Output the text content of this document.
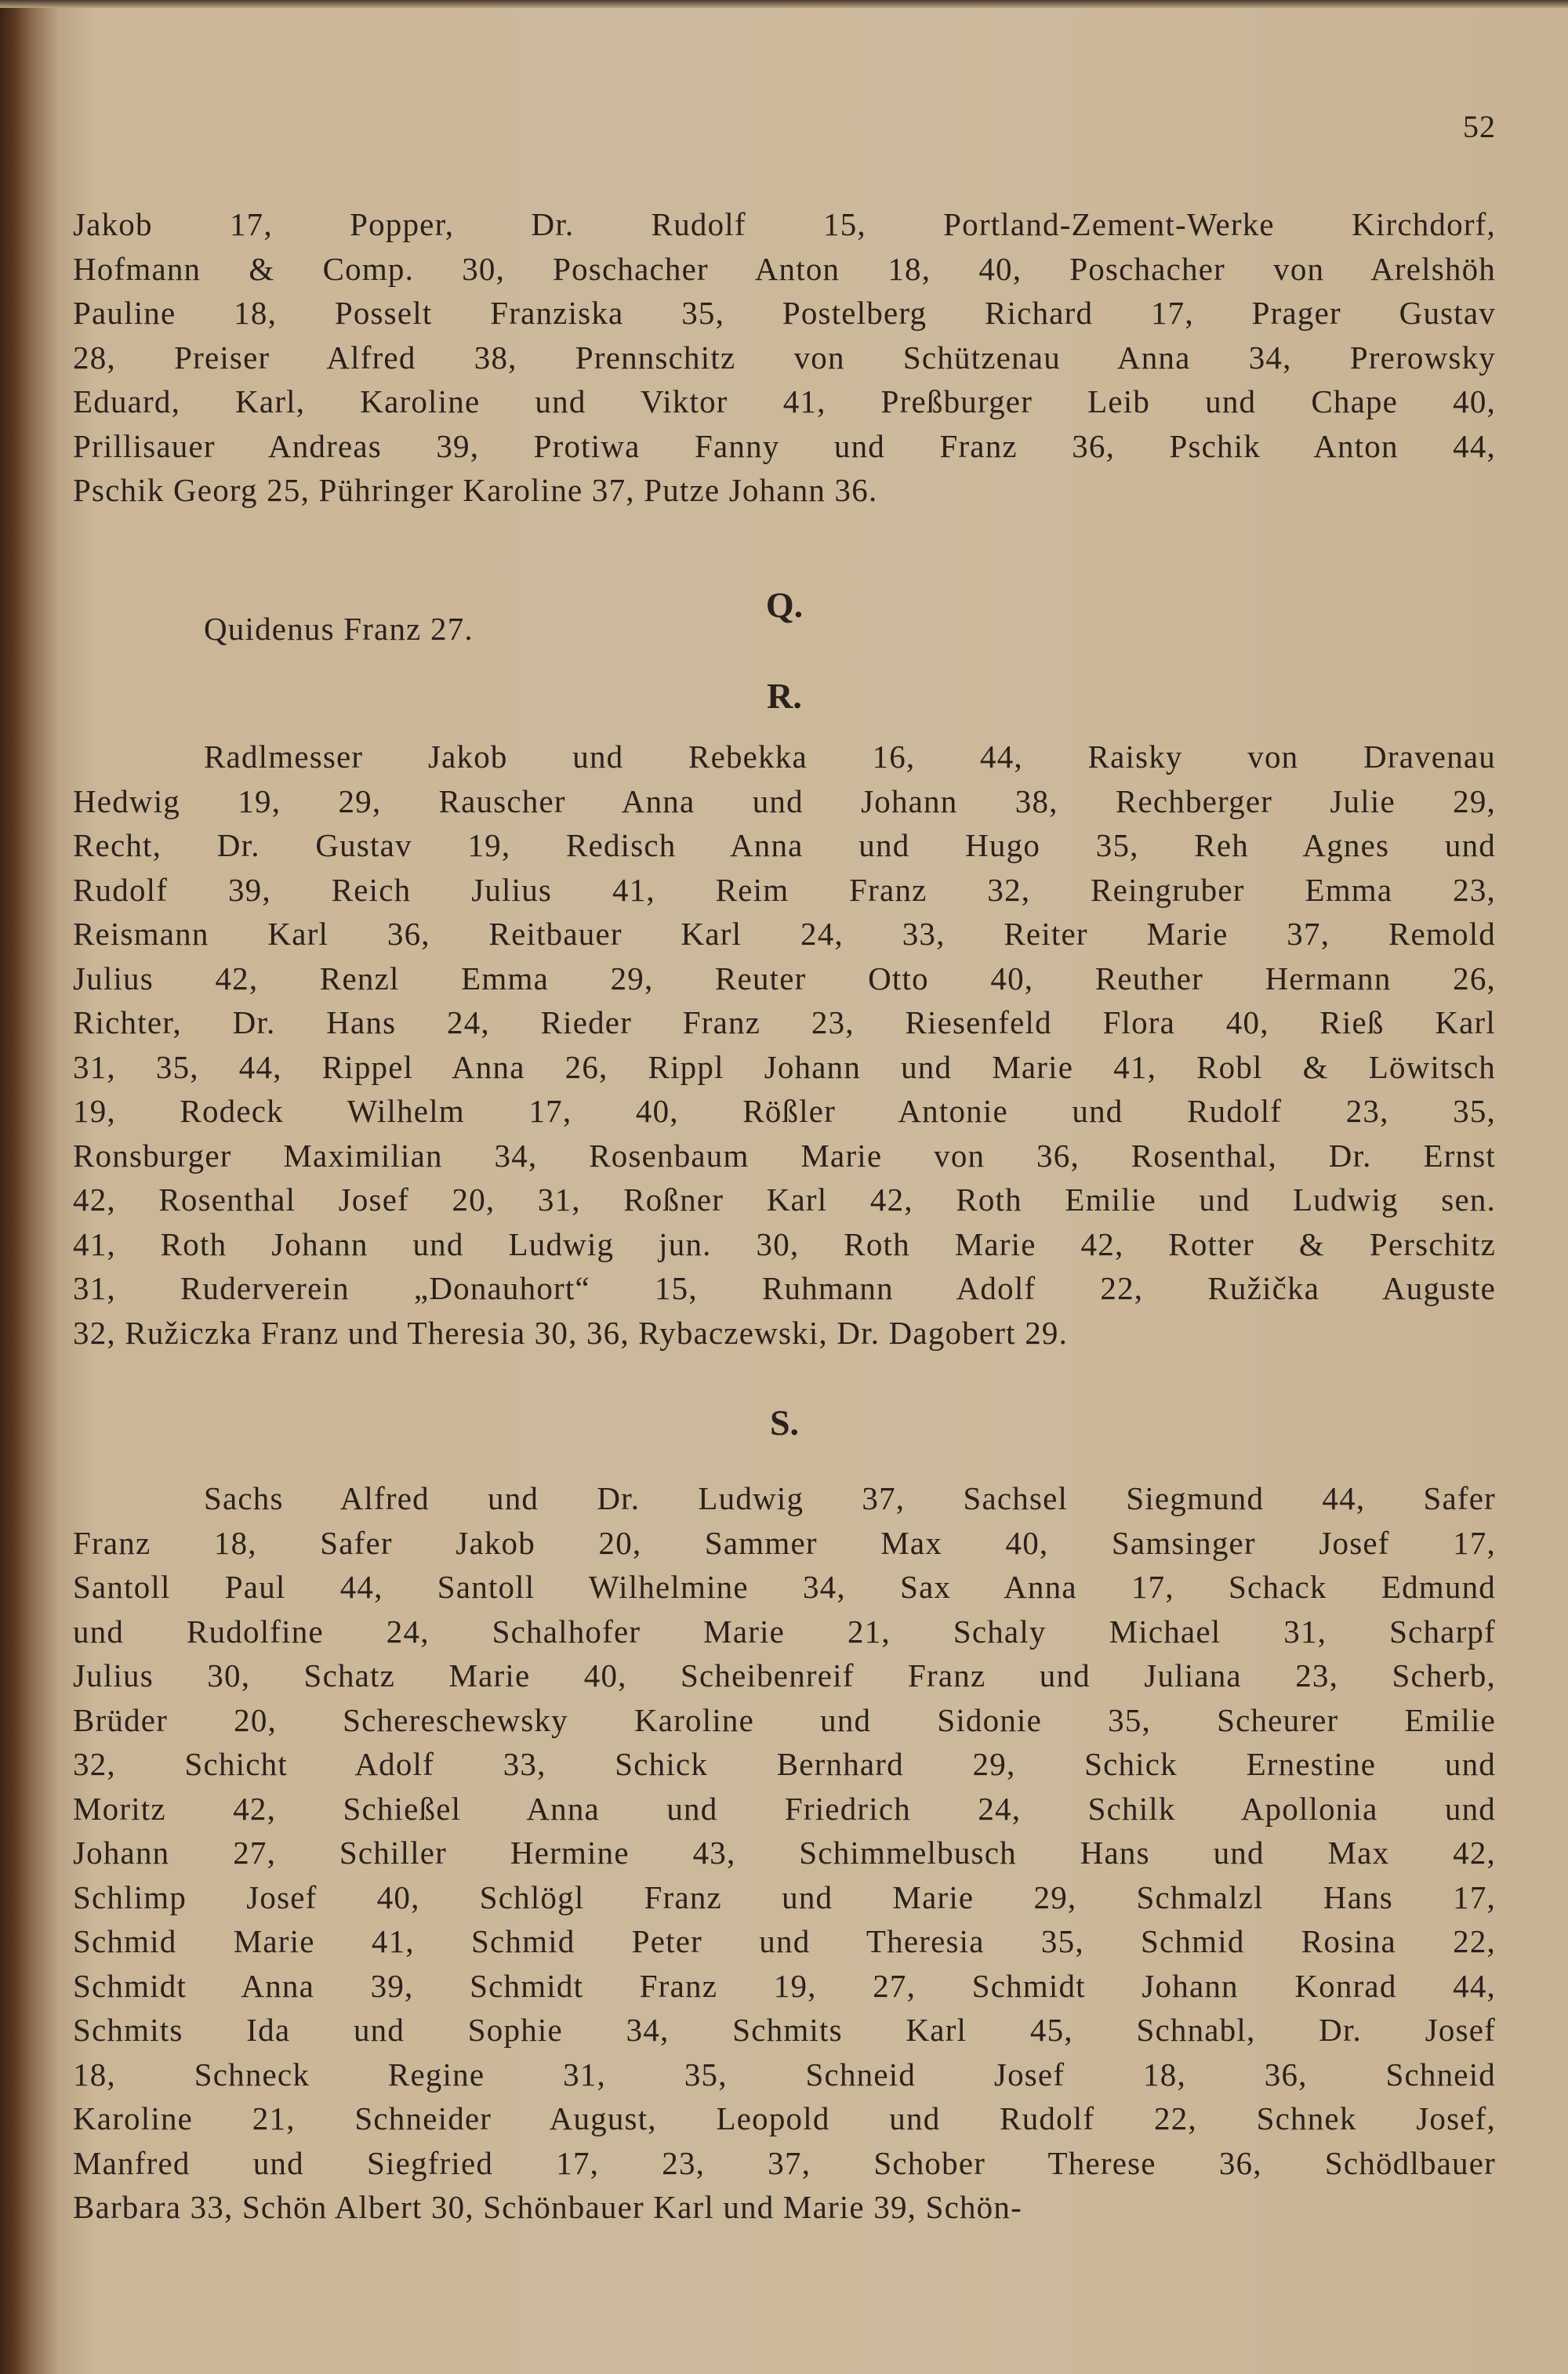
52
Jakob 17, Popper, Dr. Rudolf 15, Portland-Zement-Werke Kirchdorf,
Hofmann & Comp. 30, Poschacher Anton 18, 40, Poschacher von Arelshöh
Pauline 18, Posselt Franziska 35, Postelberg Richard 17, Prager Gustav
28, Preiser Alfred 38, Prennschitz von Schützenau Anna 34, Prerowsky
Eduard, Karl, Karoline und Viktor 41, Preßburger Leib und Chape 40,
Prillisauer Andreas 39, Protiwa Fanny und Franz 36, Pschik Anton 44,
Pschik Georg 25, Pühringer Karoline 37, Putze Johann 36.
Q.
Quidenus Franz 27.
R.
Radlmesser Jakob und Rebekka 16, 44, Raisky von Dravenau
Hedwig 19, 29, Rauscher Anna und Johann 38, Rechberger Julie 29,
Recht, Dr. Gustav 19, Redisch Anna und Hugo 35, Reh Agnes und
Rudolf 39, Reich Julius 41, Reim Franz 32, Reingruber Emma 23,
Reismann Karl 36, Reitbauer Karl 24, 33, Reiter Marie 37, Remold
Julius 42, Renzl Emma 29, Reuter Otto 40, Reuther Hermann 26,
Richter, Dr. Hans 24, Rieder Franz 23, Riesenfeld Flora 40, Rieß Karl
31, 35, 44, Rippel Anna 26, Rippl Johann und Marie 41, Robl & Löwitsch
19, Rodeck Wilhelm 17, 40, Rößler Antonie und Rudolf 23, 35,
Ronsburger Maximilian 34, Rosenbaum Marie von 36, Rosenthal, Dr. Ernst
42, Rosenthal Josef 20, 31, Roßner Karl 42, Roth Emilie und Ludwig sen.
41, Roth Johann und Ludwig jun. 30, Roth Marie 42, Rotter & Perschitz
31, Ruderverein „Donauhort“ 15, Ruhmann Adolf 22, Ružička Auguste
32, Ružiczka Franz und Theresia 30, 36, Rybaczewski, Dr. Dagobert 29.
S.
Sachs Alfred und Dr. Ludwig 37, Sachsel Siegmund 44, Safer
Franz 18, Safer Jakob 20, Sammer Max 40, Samsinger Josef 17,
Santoll Paul 44, Santoll Wilhelmine 34, Sax Anna 17, Schack Edmund
und Rudolfine 24, Schalhofer Marie 21, Schaly Michael 31, Scharpf
Julius 30, Schatz Marie 40, Scheibenreif Franz und Juliana 23, Scherb,
Brüder 20, Schereschewsky Karoline und Sidonie 35, Scheurer Emilie
32, Schicht Adolf 33, Schick Bernhard 29, Schick Ernestine und
Moritz 42, Schießel Anna und Friedrich 24, Schilk Apollonia und
Johann 27, Schiller Hermine 43, Schimmelbusch Hans und Max 42,
Schlimp Josef 40, Schlögl Franz und Marie 29, Schmalzl Hans 17,
Schmid Marie 41, Schmid Peter und Theresia 35, Schmid Rosina 22,
Schmidt Anna 39, Schmidt Franz 19, 27, Schmidt Johann Konrad 44,
Schmits Ida und Sophie 34, Schmits Karl 45, Schnabl, Dr. Josef
18, Schneck Regine 31, 35, Schneid Josef 18, 36, Schneid
Karoline 21, Schneider August, Leopold und Rudolf 22, Schnek Josef,
Manfred und Siegfried 17, 23, 37, Schober Therese 36, Schödlbauer
Barbara 33, Schön Albert 30, Schönbauer Karl und Marie 39, Schön-
